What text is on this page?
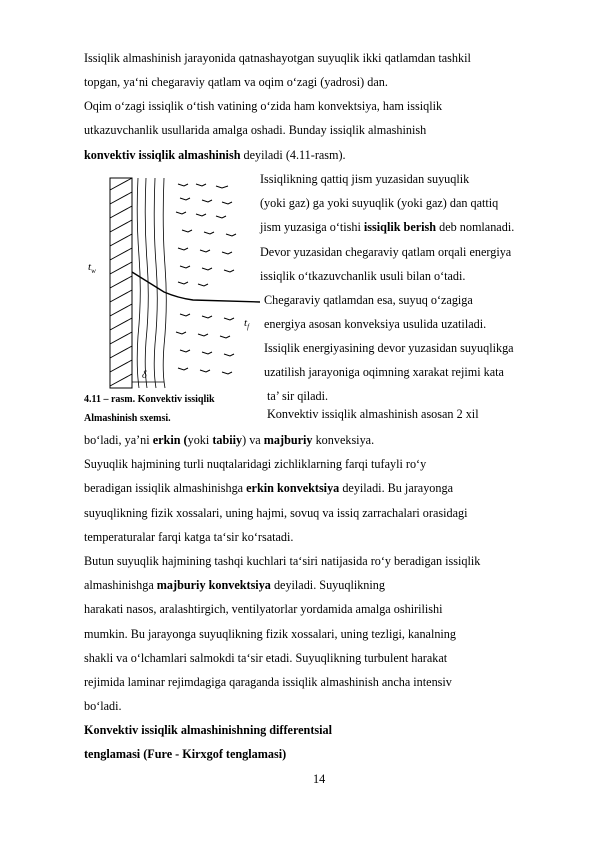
Issiqlik almashinish jarayonida qatnashayotgan suyuqlik ikki qatlamdan tashkil
topgan, ya‘ni chegaraviy qatlam va oqim o‘zagi (yadrosi) dan.
Oqim o‘zagi issiqlik o‘tish vatining o‘zida ham konvektsiya, ham issiqlik
utkazuvchanlik usullarida amalga oshadi. Bunday issiqlik almashinish
konvektiv issiqlik almashinish deyiladi (4.11-rasm).
Issiqlikning qattiq jism yuzasidan suyuqlik
(yoki gaz) ga yoki suyuqlik (yoki gaz) dan qattiq
jism yuzasiga o‘tishi issiqlik berish deb nomlanadi.
Devor yuzasidan chegaraviy qatlam orqali energiya
issiqlik o‘tkazuvchanlik usuli bilan o‘tadi.
Chegaraviy qatlamdan esa, suyuq o‘zagiga
energiya asosan konveksiya usulida uzatiladi.
Issiqlik energiyasining devor yuzasidan suyuqlikga
uzatilish jarayoniga oqimning xarakat rejimi kata
ta’ sir qiladi.
Konvektiv issiqlik almashinish asosan 2 xil
$t_w$
$t_f$
δ
4.11 – rasm. Konvektiv issiqlik
Almashinish sxemsi.
bo‘ladi, ya’ni erkin (yoki tabiiy) va majburiy konveksiya.
Suyuqlik hajmining turli nuqtalaridagi zichliklarning farqi tufayli ro‘y
beradigan issiqlik almashinishga erkin konvektsiya deyiladi. Bu jarayonga
suyuqlikning fizik xossalari, uning hajmi, sovuq va issiq zarrachalari orasidagi
temperaturalar farqi katga ta‘sir ko‘rsatadi.
Butun suyuqlik hajmining tashqi kuchlari ta‘siri natijasida ro‘y beradigan issiqlik
almashinishga majburiy konvektsiya deyiladi. Suyuqlikning
harakati nasos, aralashtirgich, ventilyatorlar yordamida amalga oshirilishi
mumkin. Bu jarayonga suyuqlikning fizik xossalari, uning tezligi, kanalning
shakli va o‘lchamlari salmokdi ta‘sir etadi. Suyuqlikning turbulent harakat
rejimida laminar rejimdagiga qaraganda issiqlik almashinish ancha intensiv
bo‘ladi.
Konvektiv issiqlik almashinishning differentsial
tenglamasi (Fure - Kirxgof tenglamasi)
14
